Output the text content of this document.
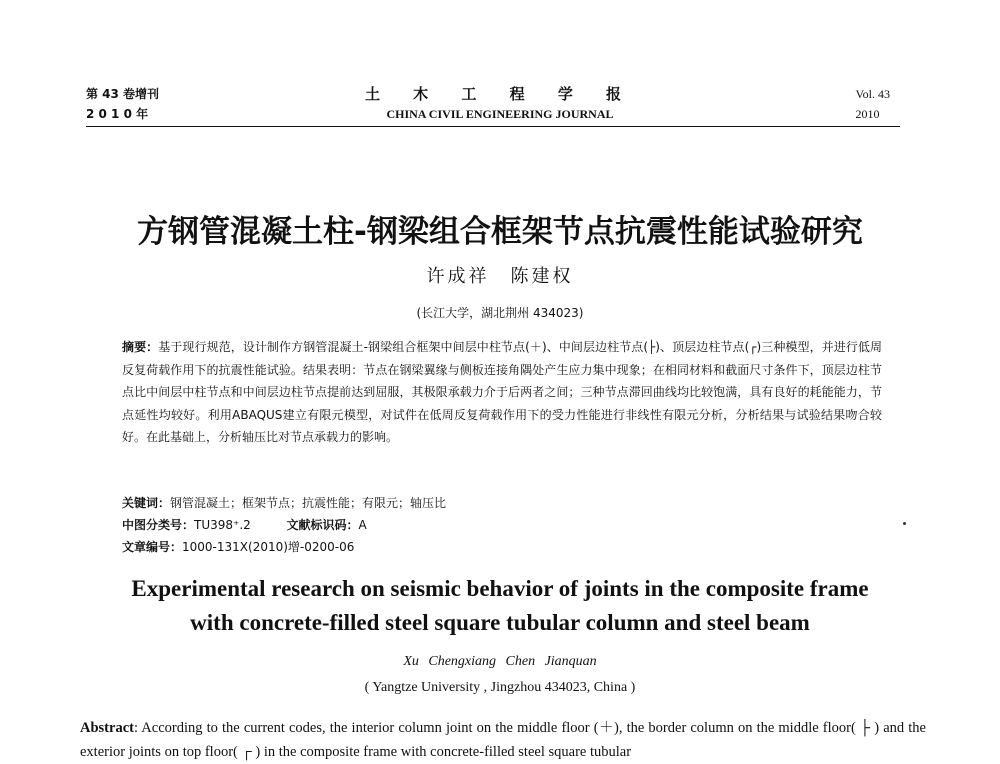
第 43 卷增刊
2 0 1 0 年
土 木 工 程 学 报
CHINA CIVIL ENGINEERING JOURNAL
Vol. 43
2010
方钢管混凝土柱-钢梁组合框架节点抗震性能试验研究
许成祥　陈建权
(长江大学，湖北荆州 434023)
摘要：基于现行规范，设计制作方钢管混凝土-钢梁组合框架中间层中柱节点(＋)、中间层边柱节点(├)、顶层边柱节点(┌)三种模型，并进行低周反复荷载作用下的抗震性能试验。结果表明：节点在钢梁翼缘与侧板连接角隅处产生应力集中现象；在相同材料和截面尺寸条件下，顶层边柱节点比中间层中柱节点和中间层边柱节点提前达到屈服，其极限承载力介于后两者之间；三种节点滞回曲线均比较饱满，具有良好的耗能能力，节点延性均较好。利用ABAQUS建立有限元模型，对试件在低周反复荷载作用下的受力性能进行非线性有限元分析，分析结果与试验结果吻合较好。在此基础上，分析轴压比对节点承载力的影响。
关键词：钢管混凝土；框架节点；抗震性能；有限元；轴压比
中图分类号：TU398⁺.2	文献标识码：A
文章编号：1000-131X(2010)增-0200-06
Experimental research on seismic behavior of joints in the composite frame
with concrete-filled steel square tubular column and steel beam
Xu Chengxiang Chen Jianquan
( Yangtze University , Jingzhou 434023, China )
Abstract: According to the current codes, the interior column joint on the middle floor (＋), the border column on the middle floor( ├ ) and the exterior joints on top floor( ┌ ) in the composite frame with concrete-filled steel square tubular
